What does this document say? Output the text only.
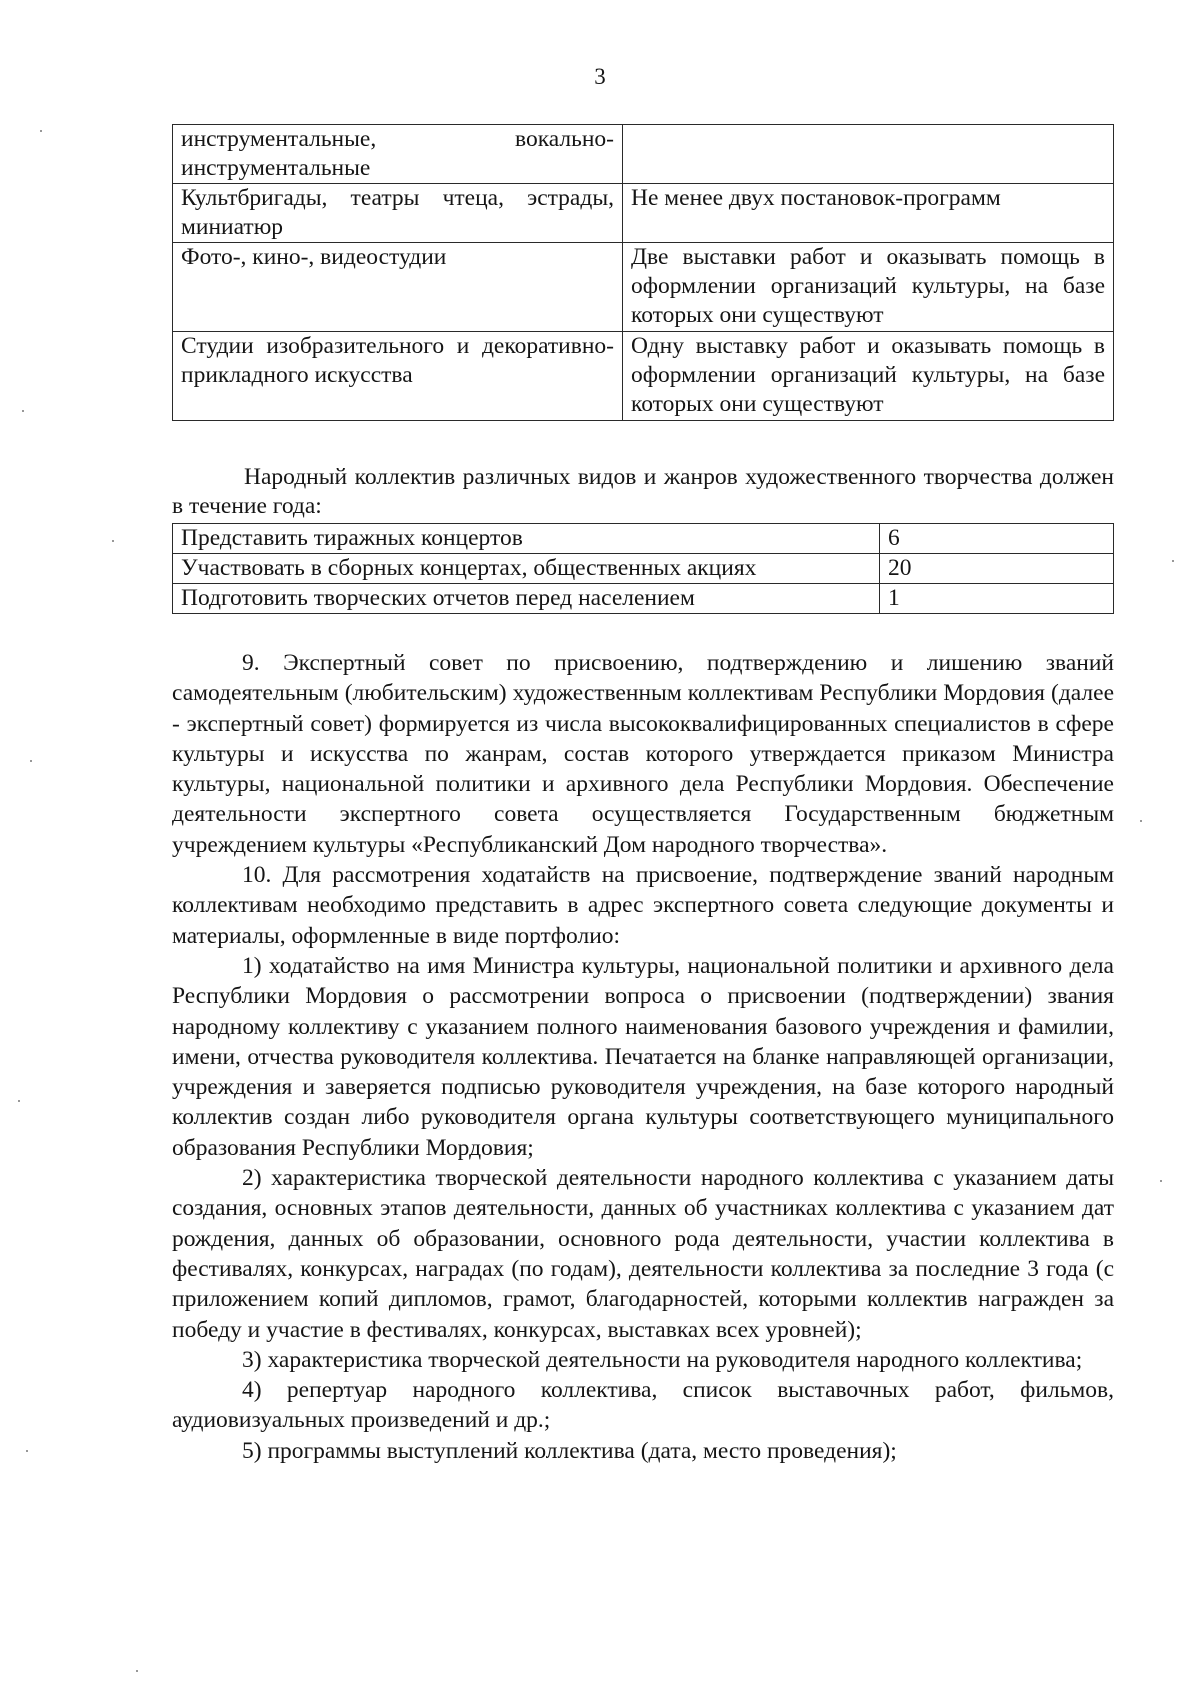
3
инструментальные, вокально-инструментальные	
Культбригады, театры чтеца, эстрады, миниатюр	Не менее двух постановок-программ
Фото-, кино-, видеостудии	Две выставки работ и оказывать помощь в оформлении организаций культуры, на базе которых они существуют
Студии изобразительного и декоративно-прикладного искусства	Одну выставку работ и оказывать помощь в оформлении организаций культуры, на базе которых они существуют

Народный коллектив различных видов и жанров художественного творчества должен в течение года:

Представить тиражных концертов	6
Участвовать в сборных концертах, общественных акциях	20
Подготовить творческих отчетов перед населением	1

9. Экспертный совет по присвоению, подтверждению и лишению званий самодеятельным (любительским) художественным коллективам Республики Мордовия (далее - экспертный совет) формируется из числа высококвалифицированных специалистов в сфере культуры и искусства по жанрам, состав которого утверждается приказом Министра культуры, национальной политики и архивного дела Республики Мордовия. Обеспечение деятельности экспертного совета осуществляется Государственным бюджетным учреждением культуры «Республиканский Дом народного творчества».

10. Для рассмотрения ходатайств на присвоение, подтверждение званий народным коллективам необходимо представить в адрес экспертного совета следующие документы и материалы, оформленные в виде портфолио:

1) ходатайство на имя Министра культуры, национальной политики и архивного дела Республики Мордовия о рассмотрении вопроса о присвоении (подтверждении) звания народному коллективу с указанием полного наименования базового учреждения и фамилии, имени, отчества руководителя коллектива. Печатается на бланке направляющей организации, учреждения и заверяется подписью руководителя учреждения, на базе которого народный коллектив создан либо руководителя органа культуры соответствующего муниципального образования Республики Мордовия;

2) характеристика творческой деятельности народного коллектива с указанием даты создания, основных этапов деятельности, данных об участниках коллектива с указанием дат рождения, данных об образовании, основного рода деятельности, участии коллектива в фестивалях, конкурсах, наградах (по годам), деятельности коллектива за последние 3 года (с приложением копий дипломов, грамот, благодарностей, которыми коллектив награжден за победу и участие в фестивалях, конкурсах, выставках всех уровней);

3) характеристика творческой деятельности на руководителя народного коллектива;

4) репертуар народного коллектива, список выставочных работ, фильмов, аудиовизуальных произведений и др.;

5) программы выступлений коллектива (дата, место проведения);
